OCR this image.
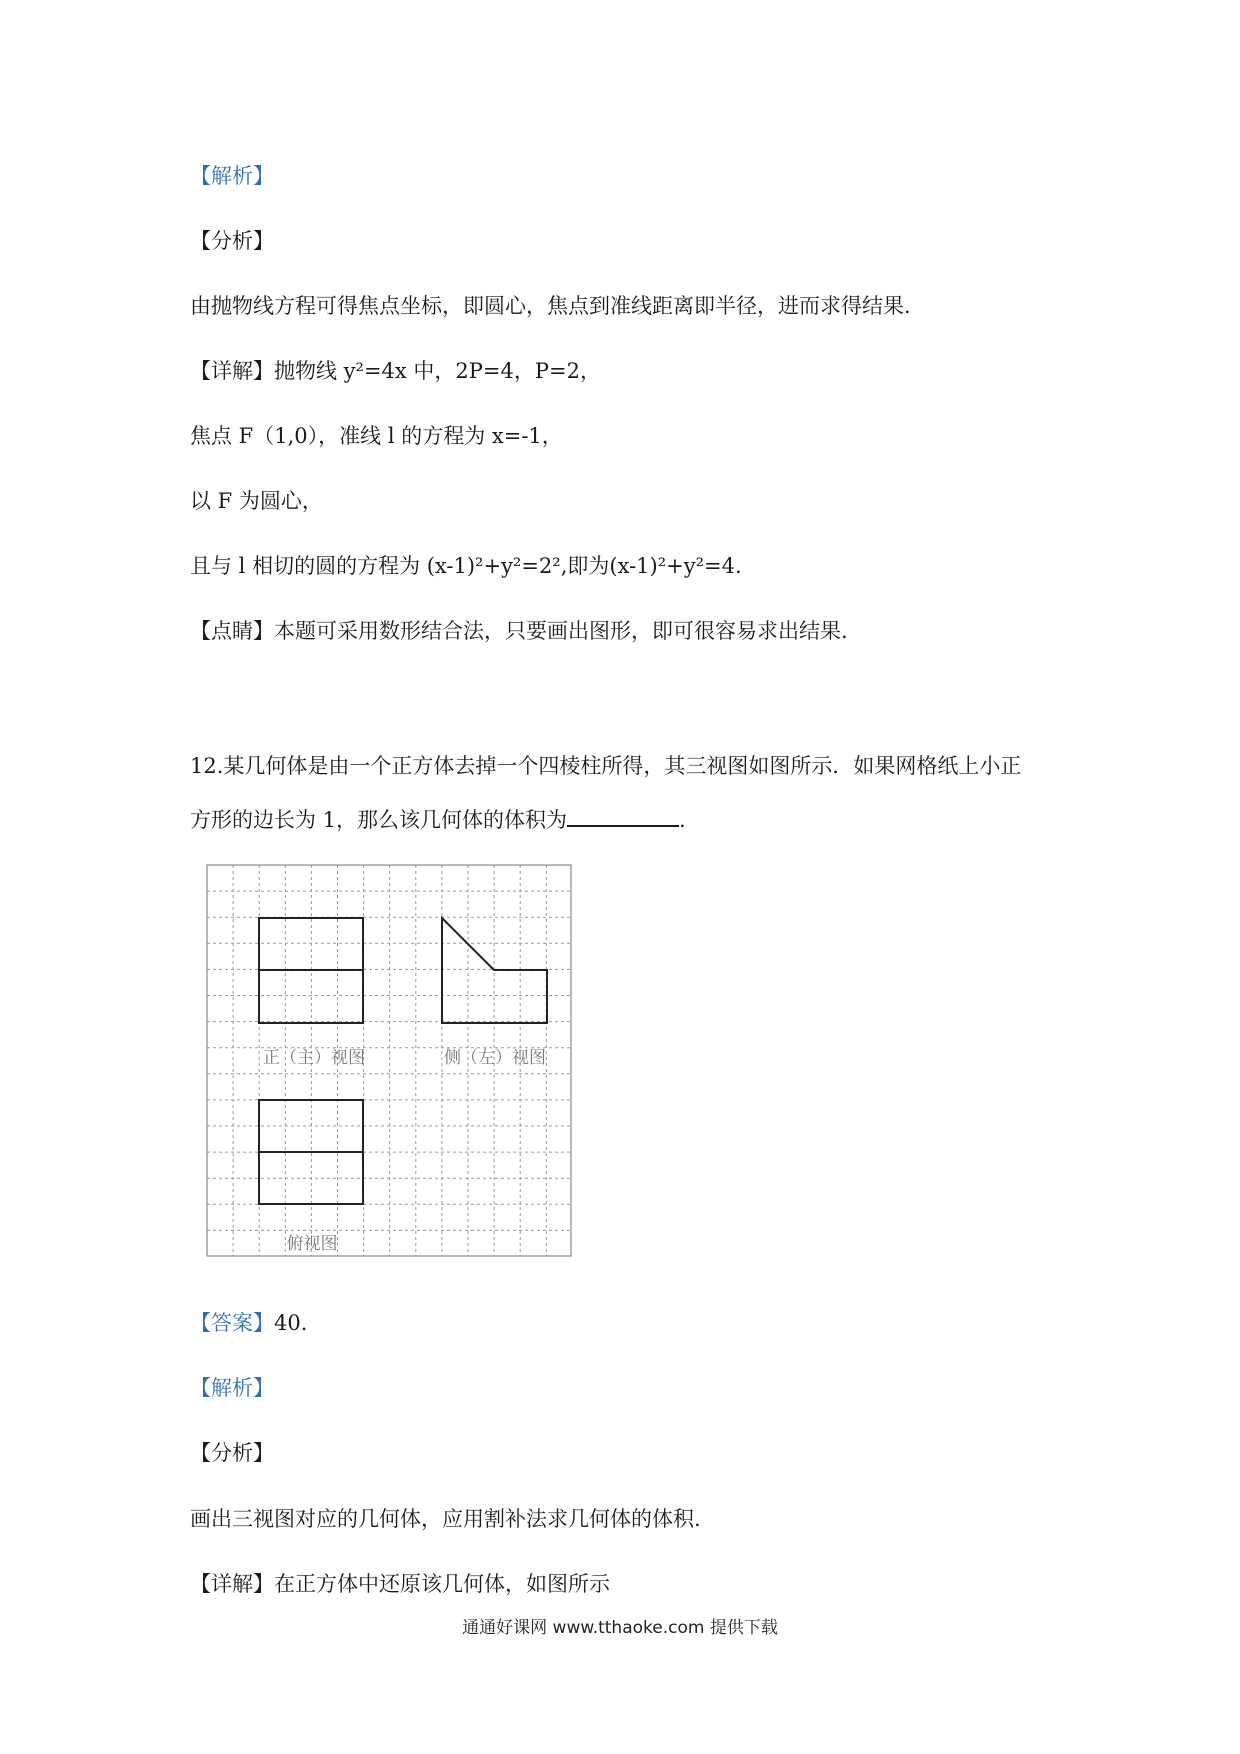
【解析】
【分析】
由抛物线方程可得焦点坐标，即圆心，焦点到准线距离即半径，进而求得结果.
【详解】抛物线 y²=4x 中，2P=4，P=2，
焦点 F（1,0），准线 l 的方程为 x=-1，
以 F 为圆心，
且与 l 相切的圆的方程为 (x-1)²+y²=2²,即为(x-1)²+y²=4.
【点睛】本题可采用数形结合法，只要画出图形，即可很容易求出结果.
12.某几何体是由一个正方体去掉一个四棱柱所得，其三视图如图所示．如果网格纸上小正
方形的边长为 1，那么该几何体的体积为	.
正（主）视图	侧（左）视图
俯视图
【答案】40.
【解析】
【分析】
画出三视图对应的几何体，应用割补法求几何体的体积.
【详解】在正方体中还原该几何体，如图所示
通通好课网 www.tthaoke.com 提供下载
